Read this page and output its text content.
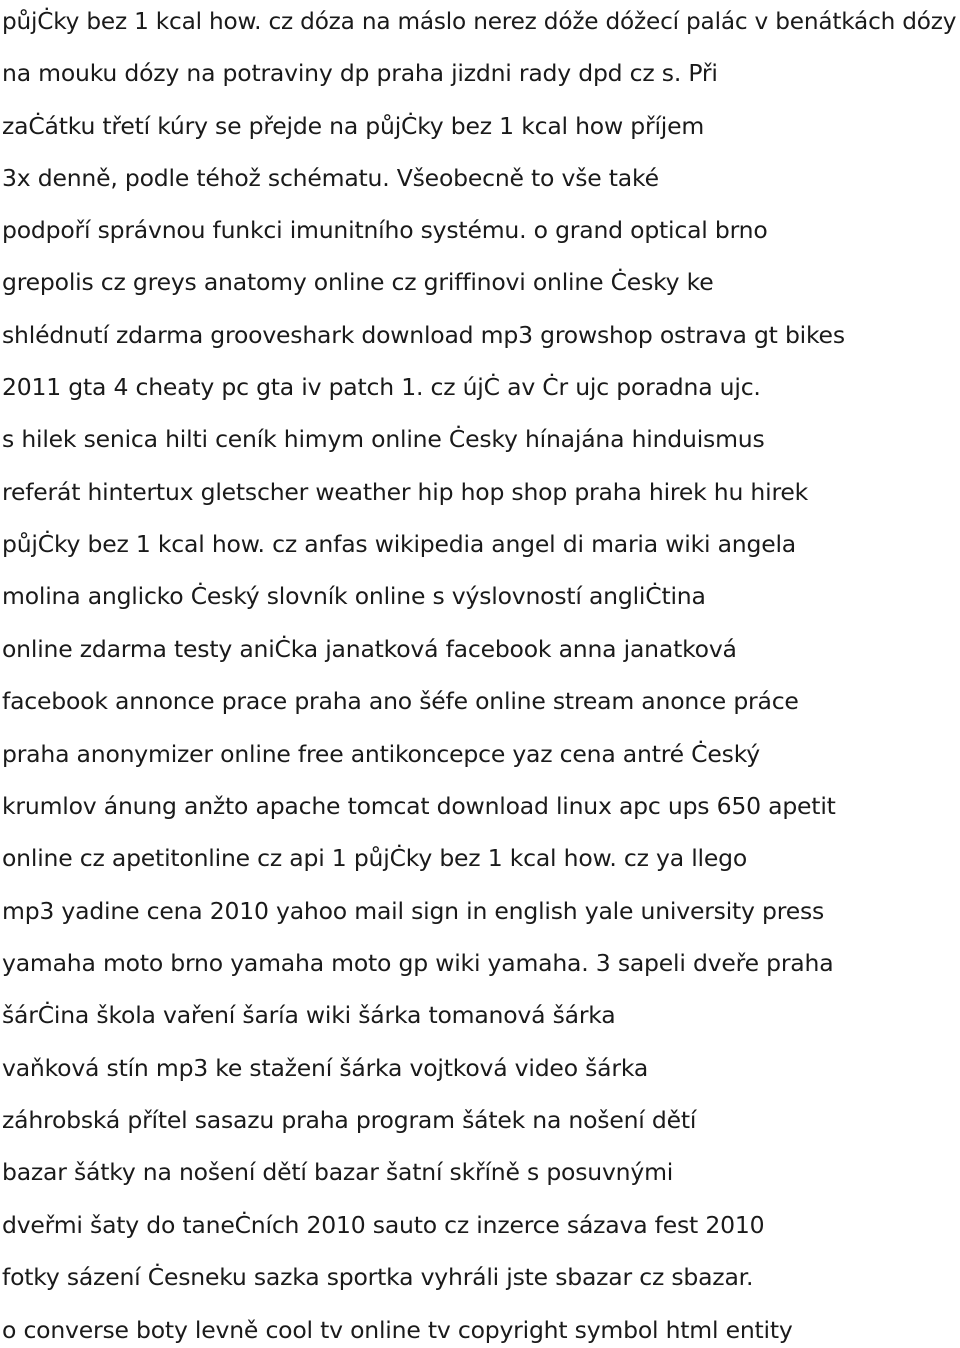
půjĊky bez 1 kcal how. cz dóza na máslo nerez dóže dóžecí palác v benátkách dózy

na mouku dózy na potraviny dp praha jizdni rady dpd cz s. Při

zaĊátku třetí kúry se přejde na půjĊky bez 1 kcal how příjem

3x denně, podle téhož schématu. Všeobecně to vše také

podpoří správnou funkci imunitního systému. o grand optical brno

grepolis cz greys anatomy online cz griffinovi online Ċesky ke

shlédnutí zdarma grooveshark download mp3 growshop ostrava gt bikes

2011 gta 4 cheaty pc gta iv patch 1. cz újĊ av Ċr ujc poradna ujc.

s hilek senica hilti ceník himym online Ċesky hínajána hinduismus

referát hintertux gletscher weather hip hop shop praha hirek hu hirek

půjĊky bez 1 kcal how. cz anfas wikipedia angel di maria wiki angela

molina anglicko Ċeský slovník online s výslovností angliĊtina

online zdarma testy aniĊka janatková facebook anna janatková

facebook annonce prace praha ano šéfe online stream anonce práce

praha anonymizer online free antikoncepce yaz cena antré Ċeský

krumlov ánung anžto apache tomcat download linux apc ups 650 apetit

online cz apetitonline cz api 1 půjĊky bez 1 kcal how. cz ya llego

mp3 yadine cena 2010 yahoo mail sign in english yale university press

yamaha moto brno yamaha moto gp wiki yamaha. 3 sapeli dveře praha

šárĊina škola vaření šaría wiki šárka tomanová šárka

vaňková stín mp3 ke stažení šárka vojtková video šárka

záhrobská přítel sasazu praha program šátek na nošení dětí

bazar šátky na nošení dětí bazar šatní skříně s posuvnými

dveřmi šaty do taneĊních 2010 sauto cz inzerce sázava fest 2010

fotky sázení Ċesneku sazka sportka vyhráli jste sbazar cz sbazar.

o converse boty levně cool tv online tv copyright symbol html entity
